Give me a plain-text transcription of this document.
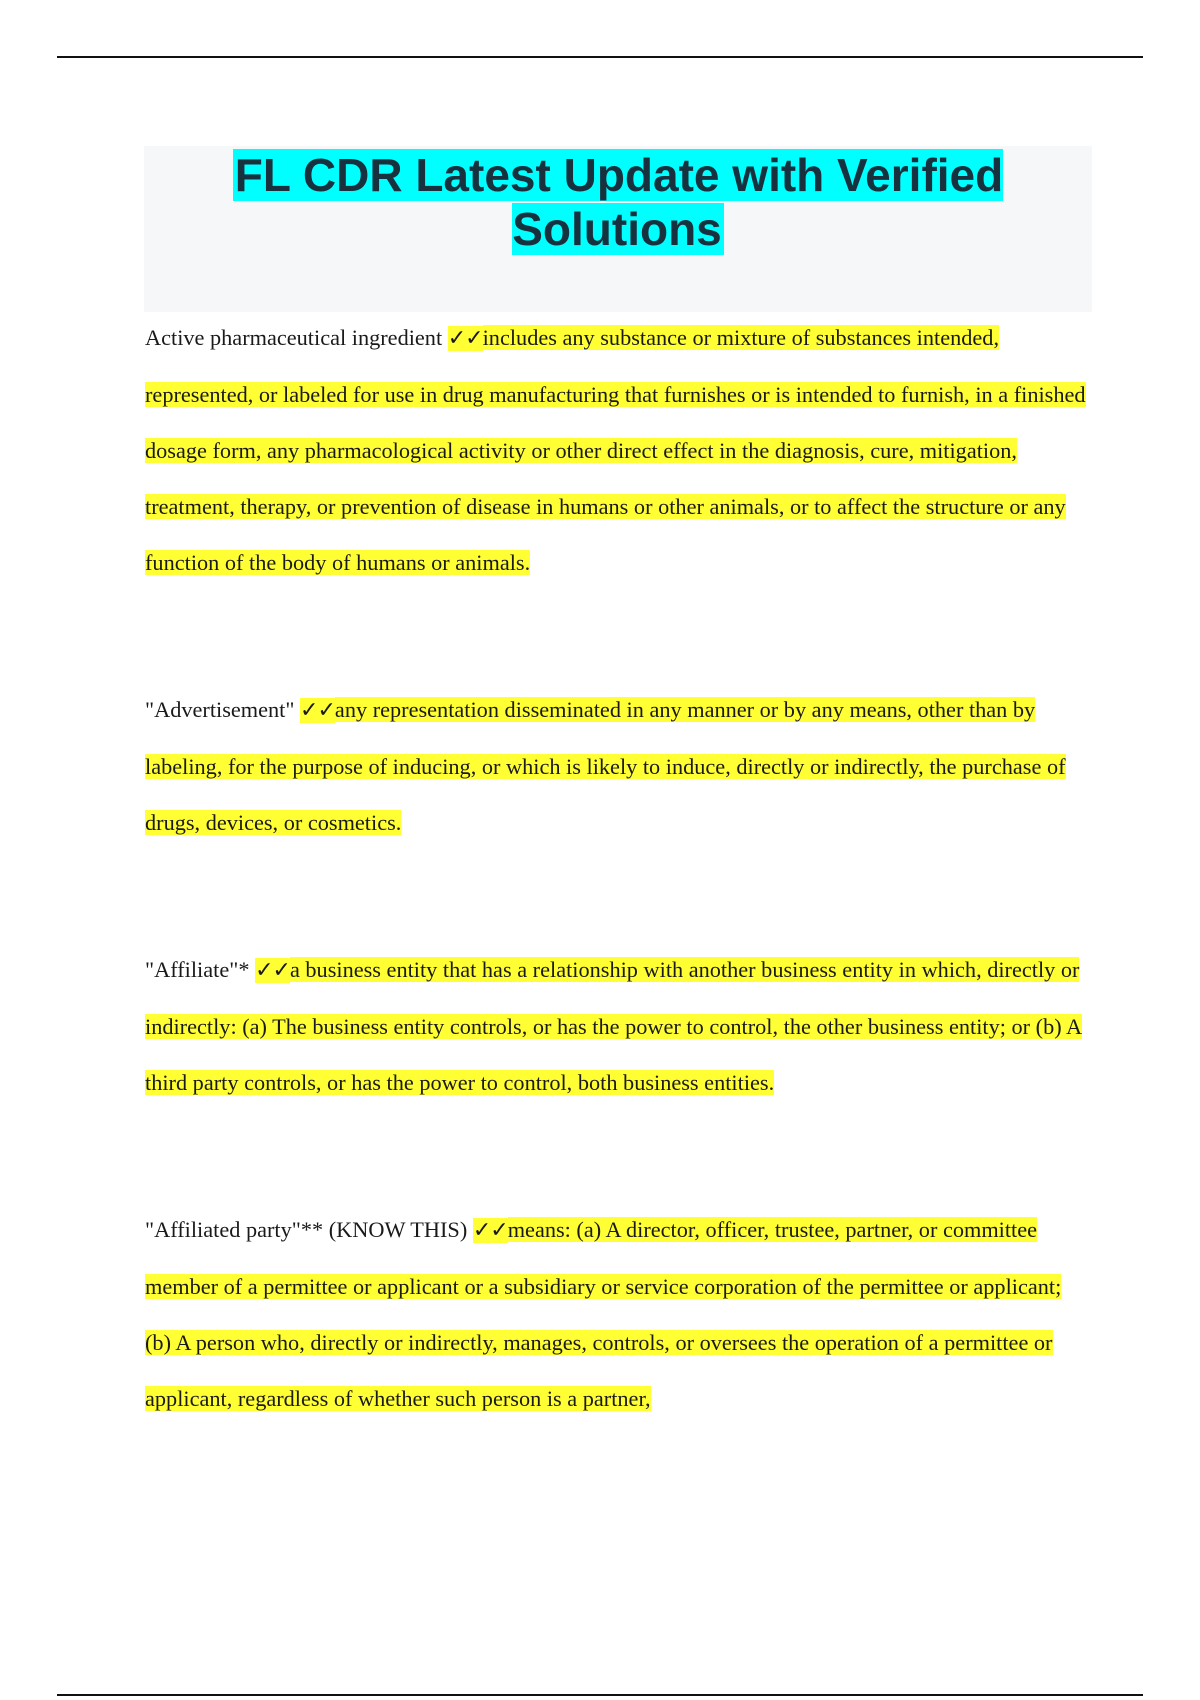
FL CDR Latest Update with Verified Solutions

Active pharmaceutical ingredient ✓✓includes any substance or mixture of substances intended, represented, or labeled for use in drug manufacturing that furnishes or is intended to furnish, in a finished dosage form, any pharmacological activity or other direct effect in the diagnosis, cure, mitigation, treatment, therapy, or prevention of disease in humans or other animals, or to affect the structure or any function of the body of humans or animals.

"Advertisement" ✓✓any representation disseminated in any manner or by any means, other than by labeling, for the purpose of inducing, or which is likely to induce, directly or indirectly, the purchase of drugs, devices, or cosmetics.

"Affiliate"* ✓✓a business entity that has a relationship with another business entity in which, directly or indirectly: (a) The business entity controls, or has the power to control, the other business entity; or (b) A third party controls, or has the power to control, both business entities.

"Affiliated party"** (KNOW THIS) ✓✓means: (a) A director, officer, trustee, partner, or committee member of a permittee or applicant or a subsidiary or service corporation of the permittee or applicant; (b) A person who, directly or indirectly, manages, controls, or oversees the operation of a permittee or applicant, regardless of whether such person is a partner,
